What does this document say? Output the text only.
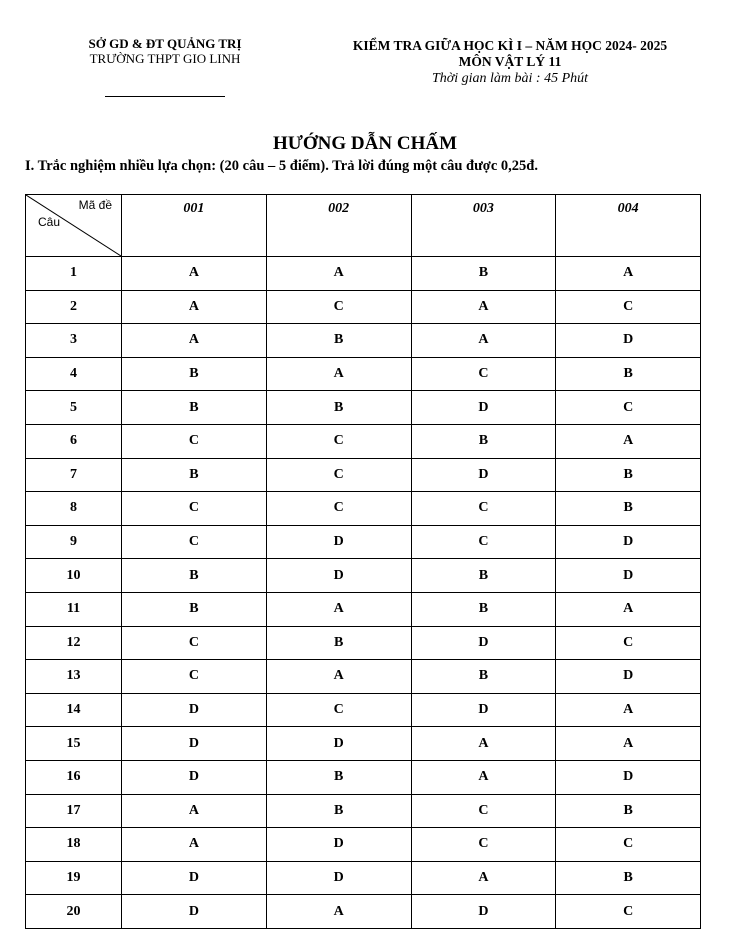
SỞ GD & ĐT QUẢNG TRỊ
TRƯỜNG THPT GIO LINH
KIỂM TRA GIỮA HỌC KÌ I – NĂM HỌC 2024- 2025
MÔN VẬT LÝ 11
Thời gian làm bài : 45 Phút
HƯỚNG DẪN CHẤM
I. Trắc nghiệm nhiều lựa chọn: (20 câu – 5 điểm). Trả lời đúng một câu được 0,25đ.
Mã đề
Câu	001	002	003	004
1	A	A	B	A
2	A	C	A	C
3	A	B	A	D
4	B	A	C	B
5	B	B	D	C
6	C	C	B	A
7	B	C	D	B
8	C	C	C	B
9	C	D	C	D
10	B	D	B	D
11	B	A	B	A
12	C	B	D	C
13	C	A	B	D
14	D	C	D	A
15	D	D	A	A
16	D	B	A	D
17	A	B	C	B
18	A	D	C	C
19	D	D	A	B
20	D	A	D	C
